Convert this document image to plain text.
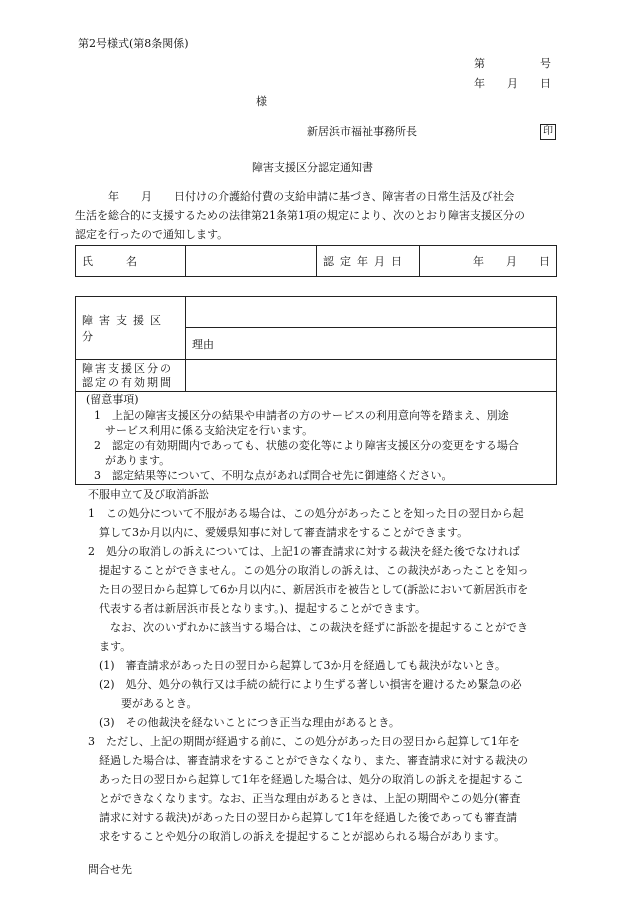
第2号様式(第8条関係)
第　　　　　号
年　　月　　日
様
新居浜市福祉事務所長	印
障害支援区分認定通知書
　　　年　　月　　日付けの介護給付費の支給申請に基づき、障害者の日常生活及び社会
生活を総合的に支援するための法律第21条第1項の規定により、次のとおり障害支援区分の
認定を行ったので通知します。
氏　　　名		認定年月日	年　　月　　日
障害支援区分	
	理由

障害支援区分の
認定の有効期間	

(留意事項)
1　上記の障害支援区分の結果や申請者の方のサービスの利用意向等を踏まえ、別途
　サービス利用に係る支給決定を行います。
2　認定の有効期間内であっても、状態の変化等により障害支援区分の変更をする場合
　があります。
3　認定結果等について、不明な点があれば問合せ先に御連絡ください。
不服申立て及び取消訴訟
1　この処分について不服がある場合は、この処分があったことを知った日の翌日から起
　算して3か月以内に、愛媛県知事に対して審査請求をすることができます。
2　処分の取消しの訴えについては、上記1の審査請求に対する裁決を経た後でなければ
　提起することができません。この処分の取消しの訴えは、この裁決があったことを知っ
　た日の翌日から起算して6か月以内に、新居浜市を被告として(訴訟において新居浜市を
　代表する者は新居浜市長となります。)、提起することができます。
　　なお、次のいずれかに該当する場合は、この裁決を経ずに訴訟を提起することができ
　ます。
　(1)　審査請求があった日の翌日から起算して3か月を経過しても裁決がないとき。
　(2)　処分、処分の執行又は手続の続行により生ずる著しい損害を避けるため緊急の必
　　　要があるとき。
　(3)　その他裁決を経ないことにつき正当な理由があるとき。
3　ただし、上記の期間が経過する前に、この処分があった日の翌日から起算して1年を
　経過した場合は、審査請求をすることができなくなり、また、審査請求に対する裁決の
　あった日の翌日から起算して1年を経過した場合は、処分の取消しの訴えを提起するこ
　とができなくなります。なお、正当な理由があるときは、上記の期間やこの処分(審査
　請求に対する裁決)があった日の翌日から起算して1年を経過した後であっても審査請
　求をすることや処分の取消しの訴えを提起することが認められる場合があります。
問合せ先
